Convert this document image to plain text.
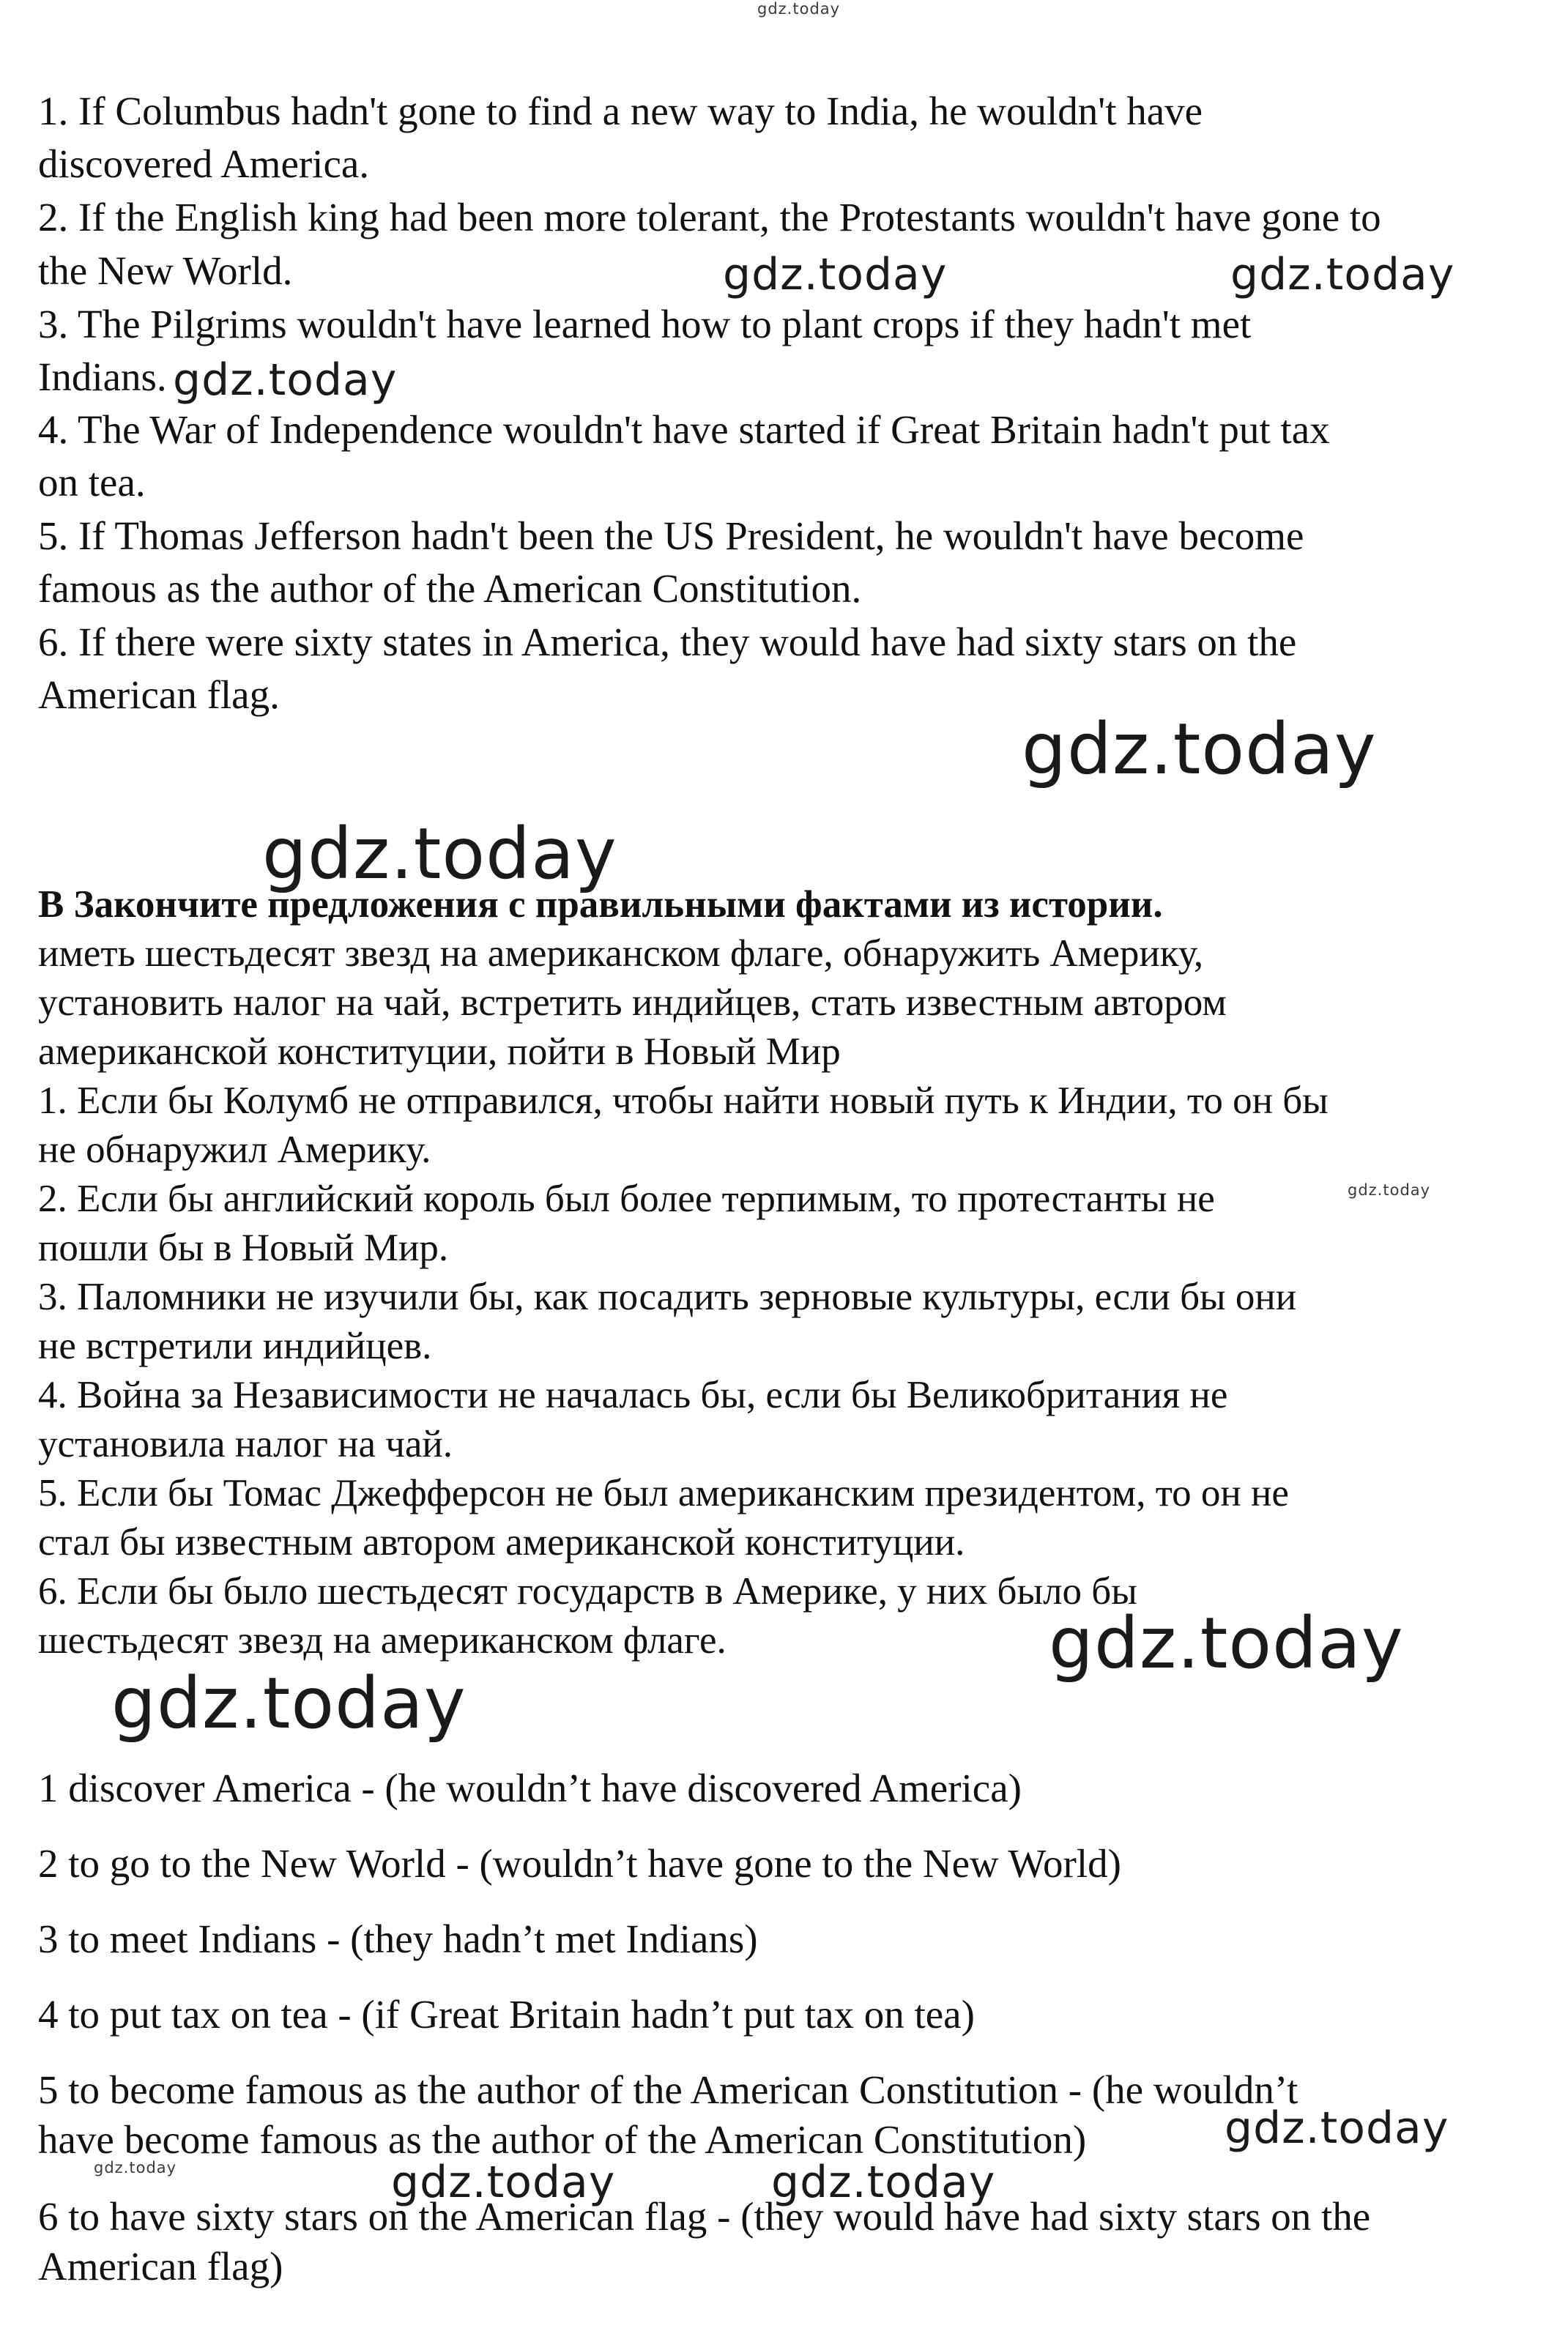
1. If Columbus hadn't gone to find a new way to India, he wouldn't have

discovered America.

2. If the English king had been more tolerant, the Protestants wouldn't have gone to

the New World.

3. The Pilgrims wouldn't have learned how to plant crops if they hadn't met

Indians.

4. The War of Independence wouldn't have started if Great Britain hadn't put tax

on tea.

5. If Thomas Jefferson hadn't been the US President, he wouldn't have become

famous as the author of the American Constitution.

6. If there were sixty states in America, they would have had sixty stars on the

American flag.

В Закончите предложения с правильными фактами из истории.

иметь шестьдесят звезд на американском флаге, обнаружить Америку,

установить налог на чай, встретить индийцев, стать известным автором

американской конституции, пойти в Новый Мир

1. Если бы Колумб не отправился, чтобы найти новый путь к Индии, то он бы

не обнаружил Америку.

2. Если бы английский король был более терпимым, то протестанты не

пошли бы в Новый Мир.

3. Паломники не изучили бы, как посадить зерновые культуры, если бы они

не встретили индийцев.

4. Война за Независимости не началась бы, если бы Великобритания не

установила налог на чай.

5. Если бы Томас Джефферсон не был американским президентом, то он не

стал бы известным автором американской конституции.

6. Если бы было шестьдесят государств в Америке, у них было бы

шестьдесят звезд на американском флаге.

1 discover America - (he wouldn’t have discovered America)

2 to go to the New World - (wouldn’t have gone to the New World)

3 to meet Indians - (they hadn’t met Indians)

4 to put tax on tea - (if Great Britain hadn’t put tax on tea)

5 to become famous as the author of the American Constitution - (he wouldn’t

have become famous as the author of the American Constitution)

6 to have sixty stars on the American flag - (they would have had sixty stars on the

American flag)

gdz.today
gdz.today	gdz.today
gdz.today
gdz.today
gdz.today
gdz.today
gdz.today
gdz.today
gdz.today
gdz.today	gdz.today	gdz.today
